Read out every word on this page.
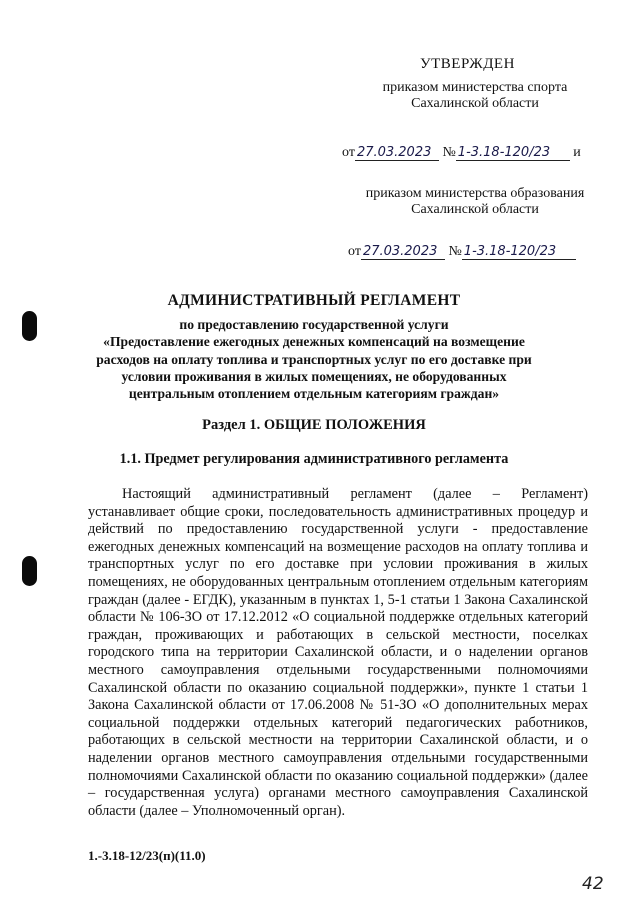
УТВЕРЖДЕН
приказом министерства спорта
Сахалинской области
от 27.03.2023 № 1-3.18-120/23 и
приказом министерства образования
Сахалинской области
от 27.03.2023 № 1-3.18-120/23
АДМИНИСТРАТИВНЫЙ РЕГЛАМЕНТ
по предоставлению государственной услуги
«Предоставление ежегодных денежных компенсаций на возмещение
расходов на оплату топлива и транспортных услуг по его доставке при
условии проживания в жилых помещениях, не оборудованных
центральным отоплением отдельным категориям граждан»
Раздел 1. ОБЩИЕ ПОЛОЖЕНИЯ
1.1. Предмет регулирования административного регламента

Настоящий административный регламент (далее – Регламент) устанавливает общие сроки, последовательность административных процедур и действий по предоставлению государственной услуги - предоставление ежегодных денежных компенсаций на возмещение расходов на оплату топлива и транспортных услуг по его доставке при условии проживания в жилых помещениях, не оборудованных центральным отоплением отдельным категориям граждан (далее - ЕГДК), указанным в пунктах 1, 5-1 статьи 1 Закона Сахалинской области № 106-ЗО от 17.12.2012 «О социальной поддержке отдельных категорий граждан, проживающих и работающих в сельской местности, поселках городского типа на территории Сахалинской области, и о наделении органов местного самоуправления отдельными государственными полномочиями Сахалинской области по оказанию социальной поддержки», пункте 1 статьи 1 Закона Сахалинской области от 17.06.2008 № 51-ЗО «О дополнительных мерах социальной поддержки отдельных категорий педагогических работников, работающих в сельской местности на территории Сахалинской области, и о наделении органов местного самоуправления отдельными государственными полномочиями Сахалинской области по оказанию социальной поддержки» (далее – государственная услуга) органами местного самоуправления Сахалинской области (далее – Уполномоченный орган).

1.-3.18-12/23(п)(11.0)
42
